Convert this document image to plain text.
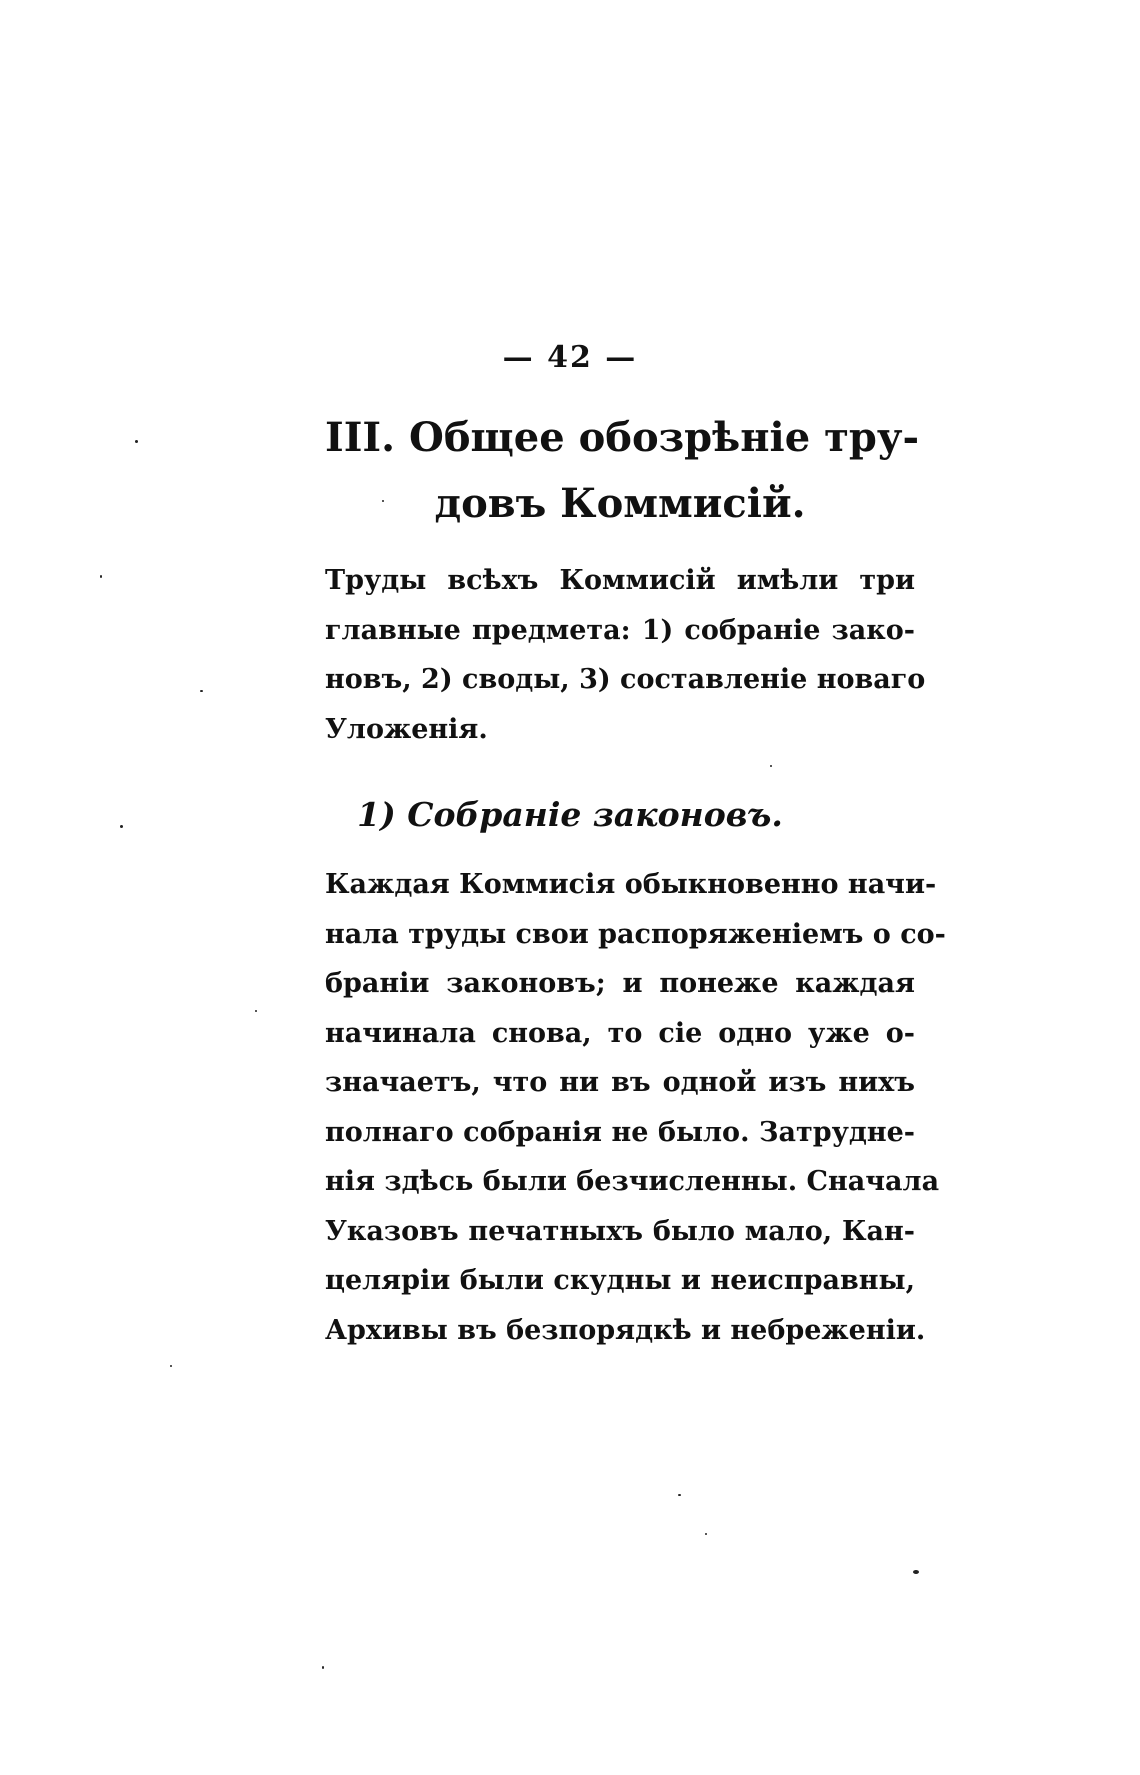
— 42 —
III. Общее обозрѣніе тру-
довъ Коммисій.
Труды всѣхъ Коммисій имѣли три
главные предмета: 1) собраніе зако-
новъ, 2) своды, 3) составленіе новаго
Уложенія.
1) Собраніе законовъ.
Каждая Коммисія обыкновенно начи-
нала труды свои распоряженіемъ о со-
браніи законовъ; и понеже каждая
начинала снова, то сіе одно уже о-
значаетъ, что ни въ одной изъ нихъ
полнаго собранія не было. Затрудне-
нія здѣсь были безчисленны. Сначала
Указовъ печатныхъ было мало, Кан-
целяріи были скудны и неисправны,
Архивы въ безпорядкѣ и небреженіи.
